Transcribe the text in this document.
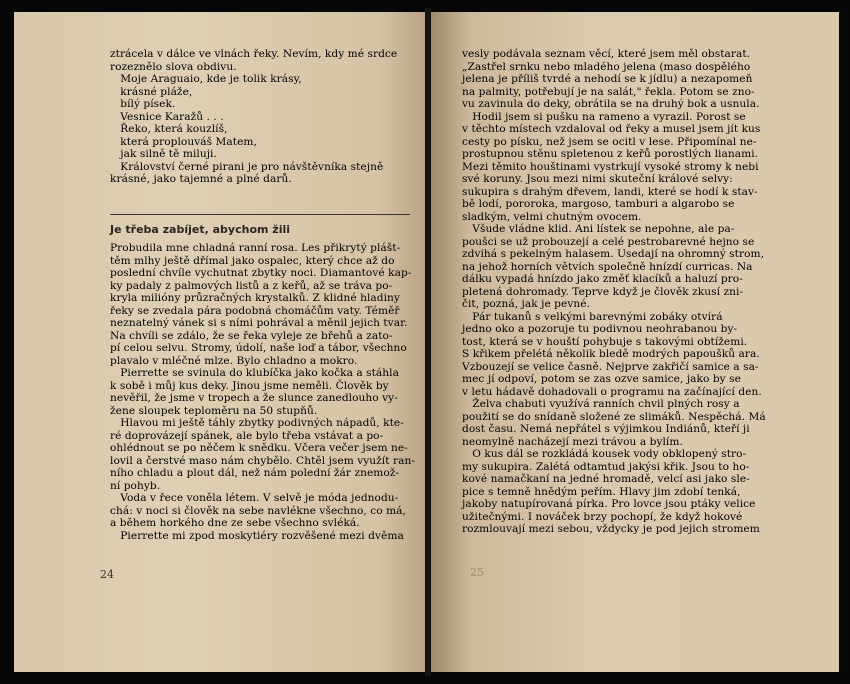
ztrácela v dálce ve vlnách řeky. Nevím, kdy mé srdce
rozeznělo slova obdivu.
Moje Araguaio, kde je tolik krásy,
krásné pláže,
bílý písek.
Vesnice Karažů . . .
Řeko, která kouzlíš,
která proplouváš Matem,
jak silně tě miluji.
Království černé pirani je pro návštěvníka stejně
krásné, jako tajemné a plné darů.
Je třeba zabíjet, abychom žili
Probudila mne chladná ranní rosa. Les přikrytý plášt-
těm mlhy ještě dřímal jako ospalec, který chce až do
poslední chvíle vychutnat zbytky noci. Diamantové kap-
ky padaly z palmových listů a z keřů, až se tráva po-
kryla milióny průzračných krystalků. Z klidné hladiny
řeky se zvedala pára podobná chomáčům vaty. Téměř
neznatelný vánek si s ními pohrával a měnil jejich tvar.
Na chvíli se zdálo, že se řeka vyleje ze břehů a zato-
pí celou selvu. Stromy, údolí, naše loď a tábor, všechno
plavalo v mléčné mlze. Bylo chladno a mokro.
Pierrette se svinula do klubíčka jako kočka a stáhla
k sobě i můj kus deky. Jinou jsme neměli. Člověk by
nevěřil, že jsme v tropech a že slunce zanedlouho vy-
žene sloupek teploměru na 50 stupňů.
Hlavou mi ještě táhly zbytky podivných nápadů, kte-
ré doprovázejí spánek, ale bylo třeba vstávat a po-
ohlédnout se po něčem k snědku. Včera večer jsem ne-
lovil a čerstvé maso nám chybělo. Chtěl jsem využít ran-
ního chladu a plout dál, než nám polední žár znemož-
ní pohyb.
Voda v řece voněla létem. V selvě je móda jednodu-
chá: v noci si člověk na sebe navlékne všechno, co má,
a během horkého dne ze sebe všechno svléká.
Pierrette mi zpod moskytiéry rozvěšené mezi dvěma
24
vesly podávala seznam věcí, které jsem měl obstarat.
„Zastřel srnku nebo mladého jelena (maso dospělého
jelena je příliš tvrdé a nehodí se k jídlu) a nezapomeň
na palmity, potřebují je na salát," řekla. Potom se zno-
vu zavinula do deky, obrátila se na druhý bok a usnula.
Hodil jsem si pušku na rameno a vyrazil. Porost se
v těchto místech vzdaloval od řeky a musel jsem jít kus
cesty po písku, než jsem se ocitl v lese. Připomínal ne-
prostupnou stěnu spletenou z keřů porostlých lianami.
Mezi těmito houštinami vystrkují vysoké stromy k nebi
své koruny. Jsou mezi nimi skuteční králové selvy:
sukupira s drahým dřevem, landi, které se hodí k stav-
bě lodí, pororoka, margoso, tamburi a algarobo se
sladkým, velmi chutným ovocem.
Všude vládne klid. Ani lístek se nepohne, ale pa-
poušci se už probouzejí a celé pestrobarevné hejno se
zdvihá s pekelným halasem. Usedají na ohromný strom,
na jehož horních větvích společně hnízdí curricas. Na
dálku vypadá hnízdo jako změť klacíků a haluzí pro-
pletená dohromady. Teprve když je člověk zkusí zni-
čit, pozná, jak je pevné.
Pár tukanů s velkými barevnými zobáky otvírá
jedno oko a pozoruje tu podivnou neohrabanou by-
tost, která se v houští pohybuje s takovými obtížemi.
S křikem přelétá několik bledě modrých papoušků ara.
Vzbouzejí se velice časně. Nejprve zakřičí samice a sa-
mec jí odpoví, potom se zas ozve samice, jako by se
v letu hádavě dohadovali o programu na začínající den.
Želva chabuti využívá ranních chvil plných rosy a
použití se do snídaně složené ze slimáků. Nespěchá. Má
dost času. Nemá nepřátel s výjimkou Indiánů, kteří ji
neomylně nacházejí mezi trávou a bylím.
O kus dál se rozkládá kousek vody obklopený stro-
my sukupira. Zalétá odtamtud jakýsi křik. Jsou to ho-
kové namačkaní na jedné hromadě, velcí asi jako sle-
pice s temně hnědým peřím. Hlavy jim zdobí tenká,
jakoby natupírovaná pírka. Pro lovce jsou ptáky velice
užitečnými. I nováček brzy pochopí, že když hokové
rozmlouvají mezi sebou, vždycky je pod jejich stromem
25
